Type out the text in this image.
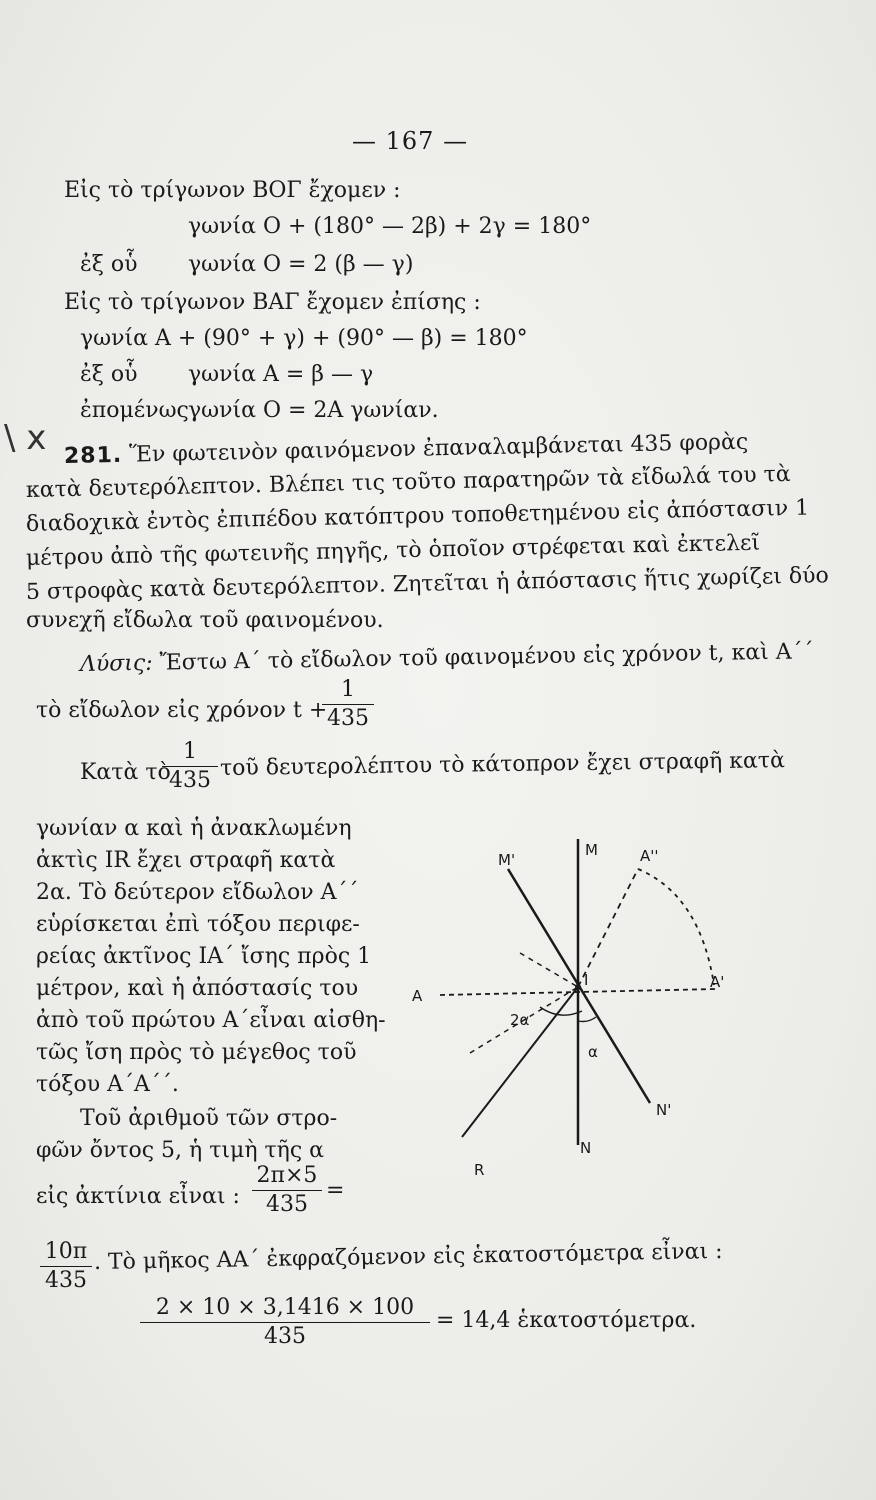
— 167 —
Εἰς τὸ τρίγωνον ΒΟΓ ἔχομεν :
γωνία Ο + (180° — 2β) + 2γ = 180°
ἐξ οὗ γωνία Ο = 2 (β — γ)
Εἰς τὸ τρίγωνον ΒΑΓ ἔχομεν ἐπίσης :
γωνία Α + (90° + γ) + (90° — β) = 180°
ἐξ οὗ γωνία Α = β — γ
ἐπομένως γωνία Ο = 2Α γωνίαν.
\ x 281. Ἕν φωτεινὸν φαινόμενον ἐπαναλαμβάνεται 435 φορὰς
κατὰ δευτερόλεπτον. Βλέπει τις τοῦτο παρατηρῶν τὰ εἴδωλά του τὰ
διαδοχικὰ ἐντὸς ἐπιπέδου κατόπτρου τοποθετημένου εἰς ἀπόστασιν 1
μέτρου ἀπὸ τῆς φωτεινῆς πηγῆς, τὸ ὁποῖον στρέφεται καὶ ἐκτελεῖ
5 στροφὰς κατὰ δευτερόλεπτον. Ζητεῖται ἡ ἀπόστασις ἥτις χωρίζει δύο
συνεχῆ εἴδωλα τοῦ φαινομένου.
Λύσις: Ἔστω Α΄ τὸ εἴδωλον τοῦ φαινομένου εἰς χρόνον t, καὶ Α΄΄
τὸ εἴδωλον εἰς χρόνον t +
1
435
Κατὰ τὸ
1
435 τοῦ δευτερολέπτου τὸ κάτοπρον ἔχει στραφῆ κατὰ
γωνίαν α καὶ ἡ ἀνακλωμένη
ἀκτὶς ΙR ἔχει στραφῆ κατὰ
2α. Τὸ δεύτερον εἴδωλον Α΄΄
εὑρίσκεται ἐπὶ τόξου περιφε-
ρείας ἀκτῖνος ΙΑ΄ ἴσης πρὸς 1
μέτρον, καὶ ἡ ἀπόστασίς του
ἀπὸ τοῦ πρώτου Α΄εἶναι αἰσθη-
τῶς ἴση πρὸς τὸ μέγεθος τοῦ
τόξου Α΄Α΄΄.
Τοῦ ἀριθμοῦ τῶν στρο-
φῶν ὄντος 5, ἡ τιμὴ τῆς α
εἰς ἀκτίνια εἶναι :
2π×5
435
=
10π
435
. Τὸ μῆκος ΑΑ΄ ἐκφραζόμενον εἰς ἑκατοστόμετρα εἶναι :
2 × 10 × 3,1416 × 100
435
= 14,4 ἑκατοστόμετρα.
M
M'	A''
A
A'
I
2α
α
N
N'
R
